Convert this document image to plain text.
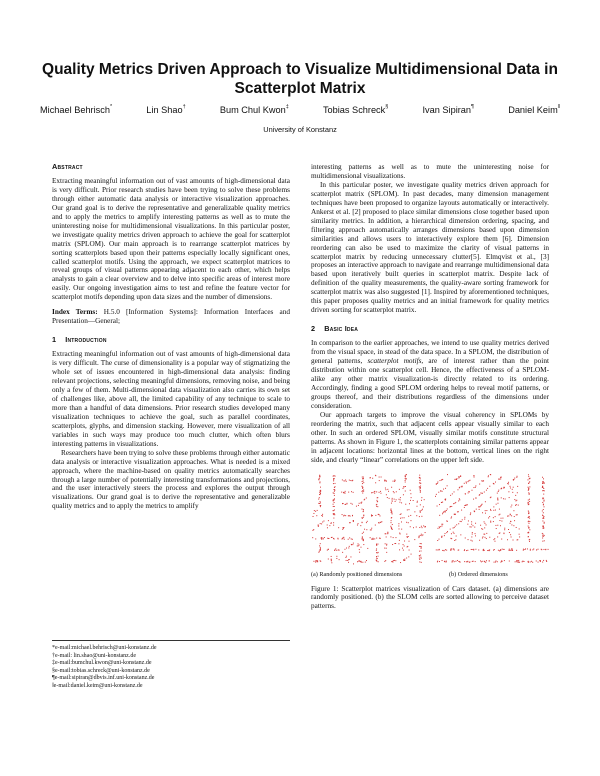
Quality Metrics Driven Approach to Visualize Multidimensional Data in Scatterplot Matrix
Michael Behrisch*	Lin Shao†	Bum Chul Kwon‡	Tobias Schreck§	Ivan Sipiran¶	Daniel Keim‖
University of Konstanz
Abstract

Extracting meaningful information out of vast amounts of high-dimensional data is very difficult. Prior research studies have been trying to solve these problems through either automatic data analysis or interactive visualization approaches. Our grand goal is to derive the representative and generalizable quality metrics and to apply the metrics to amplify interesting patterns as well as to mute the uninteresting noise for multidimensional visualizations. In this particular poster, we investigate quality metrics driven approach to achieve the goal for scatterplot matrix (SPLOM). Our main approach is to rearrange scatterplot matrices by sorting scatterplots based upon their patterns especially locally significant ones, called scatterplot motifs. Using the approach, we expect scatterplot matrices to reveal groups of visual patterns appearing adjacent to each other, which helps analysts to gain a clear overview and to delve into specific areas of interest more easily. Our ongoing investigation aims to test and refine the feature vector for scatterplot motifs depending upon data sizes and the number of dimensions.

Index Terms: H.5.0 [Information Systems]: Information Interfaces and Presentation—General;

1 Introduction

Extracting meaningful information out of vast amounts of high-dimensional data is very difficult. The curse of dimensionality is a popular way of stigmatizing the whole set of issues encountered in high-dimensional data analysis: finding relevant projections, selecting meaningful dimensions, removing noise, and being only a few of them. Multi-dimensional data visualization also carries its own set of challenges like, above all, the limited capability of any technique to scale to more than a handful of data dimensions. Prior research studies developed many visualization techniques to achieve the goal, such as parallel coordinates, scatterplots, glyphs, and dimension stacking. However, mere visualization of all variables in such ways may produce too much clutter, which often blurs interesting patterns in visualizations.

Researchers have been trying to solve these problems through either automatic data analysis or interactive visualization approaches. What is needed is a mixed approach, where the machine-based on quality metrics automatically searches through a large number of potentially interesting transformations and projections, and the user interactively steers the process and explores the output through visualizations. Our grand goal is to derive the representative and generalizable quality metrics and to apply the metrics to amplify

*e-mail:michael.behrisch@uni-konstanz.de

†e-mail: lin.shao@uni-konstanz.de

‡e-mail:bumchul.kwon@uni-konstanz.de

§e-mail:tobias.schreck@uni-konstanz.de

¶e-mail:sipiran@dbvis.inf.uni-konstanz.de

‖e-mail:daniel.keim@uni-konstanz.de

interesting patterns as well as to mute the uninteresting noise for multidimensional visualizations.

In this particular poster, we investigate quality metrics driven approach for scatterplot matrix (SPLOM). In past decades, many dimension management techniques have been proposed to organize layouts automatically or interactively. Ankerst et al. [2] proposed to place similar dimensions close together based upon similarity metrics. In addition, a hierarchical dimension ordering, spacing, and filtering approach automatically arranges dimensions based upon dimension similarities and allows users to interactively explore them [6]. Dimension reordering can also be used to maximize the clarity of visual patterns in scatterplot matrix by reducing unnecessary clutter[5]. Elmqvist et al., [3] proposes an interactive approach to navigate and rearrange multidimensional data based upon iteratively built queries in scatterplot matrix. Despite lack of definition of the quality measurements, the quality-aware sorting framework for scatterplot matrix was also suggested [1]. Inspired by aforementioned techniques, this paper proposes quality metrics and an initial framework for quality metrics driven sorting for scatterplot matrix.

2 Basic Idea

In comparison to the earlier approaches, we intend to use quality metrics derived from the visual space, in stead of the data space. In a SPLOM, the distribution of general patterns, scatterplot motifs, are of interest rather than the point distribution within one scatterplot cell. Hence, the effectiveness of a SPLOM-alike any other matrix visualization-is directly related to its ordering. Accordingly, finding a good SPLOM ordering helps to reveal motif patterns, or groups thereof, and their distributions regardless of the dimensions under consideration.

Our approach targets to improve the visual coherency in SPLOMs by reordering the matrix, such that adjacent cells appear visually similar to each other. In such an ordered SPLOM, visually similar motifs constitute structural patterns. As shown in Figure 1, the scatterplots containing similar patterns appear in adjacent locations: horizontal lines at the bottom, vertical lines on the right side, and clearly “linear” correlations on the upper left side.

(a) Randomly positioned dimensions	(b) Ordered dimensions

Figure 1: Scatterplot matrices visualization of Cars dataset. (a) dimensions are randomly positioned. (b) the SLOM cells are sorted allowing to perceive dataset patterns.
